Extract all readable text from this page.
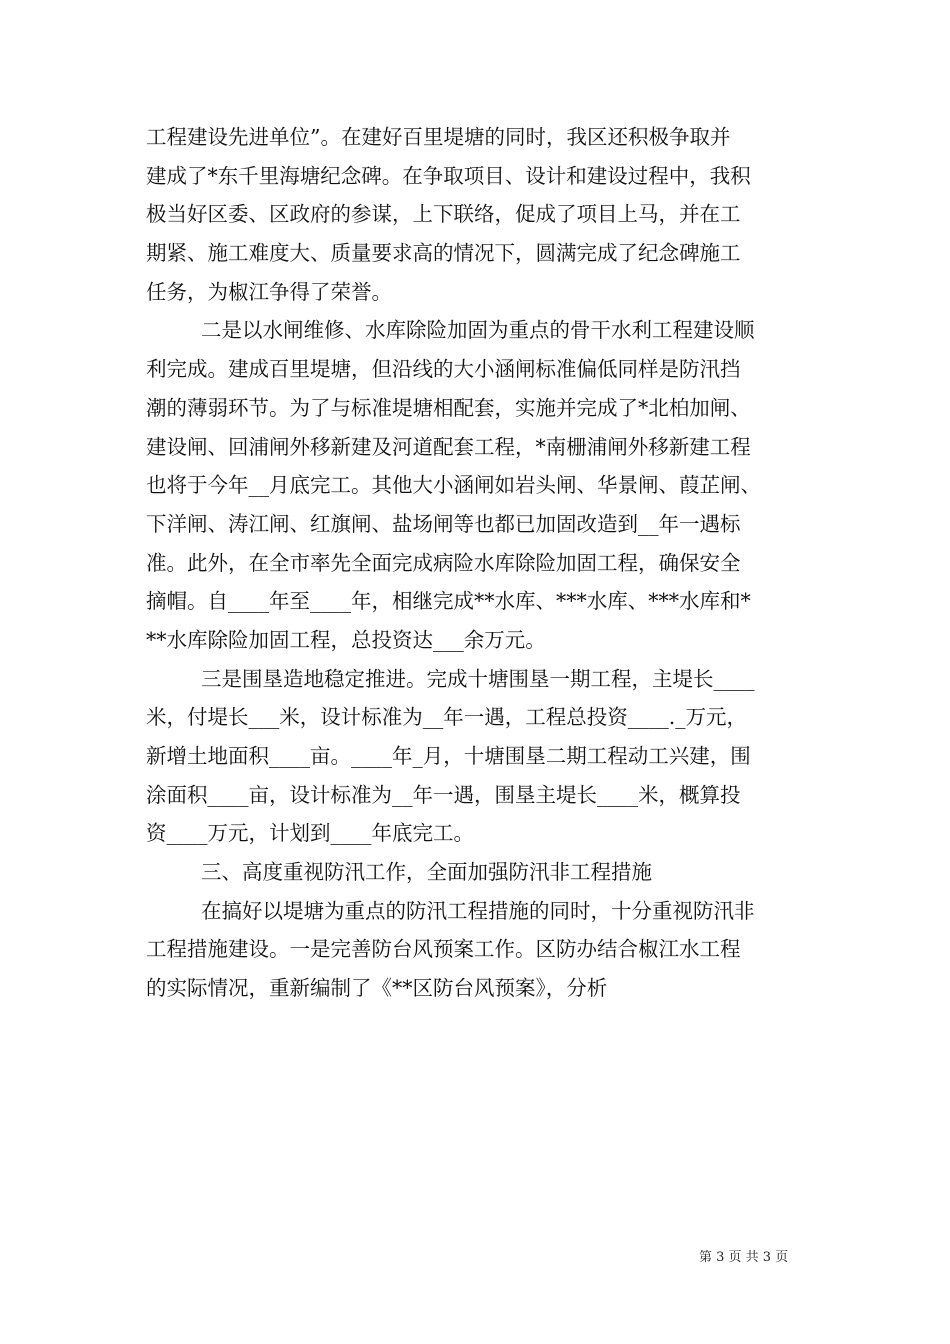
工程建设先进单位”。在建好百里堤塘的同时，我区还积极争取并
建成了*东千里海塘纪念碑。在争取项目、设计和建设过程中，我积
极当好区委、区政府的参谋，上下联络，促成了项目上马，并在工
期紧、施工难度大、质量要求高的情况下，圆满完成了纪念碑施工
任务，为椒江争得了荣誉。
二是以水闸维修、水库除险加固为重点的骨干水利工程建设顺
利完成。建成百里堤塘，但沿线的大小涵闸标准偏低同样是防汛挡
潮的薄弱环节。为了与标准堤塘相配套，实施并完成了*北柏加闸、
建设闸、回浦闸外移新建及河道配套工程，*南栅浦闸外移新建工程
也将于今年__月底完工。其他大小涵闸如岩头闸、华景闸、葭芷闸、
下洋闸、涛江闸、红旗闸、盐场闸等也都已加固改造到__年一遇标
准。此外，在全市率先全面完成病险水库除险加固工程，确保安全
摘帽。自____年至____年，相继完成**水库、***水库、***水库和*
**水库除险加固工程，总投资达___余万元。
三是围垦造地稳定推进。完成十塘围垦一期工程，主堤长____
米，付堤长___米，设计标准为__年一遇，工程总投资____._万元，
新增土地面积____亩。____年_月，十塘围垦二期工程动工兴建，围
涂面积____亩，设计标准为__年一遇，围垦主堤长____米，概算投
资____万元，计划到____年底完工。
三、高度重视防汛工作，全面加强防汛非工程措施
在搞好以堤塘为重点的防汛工程措施的同时，十分重视防汛非
工程措施建设。一是完善防台风预案工作。区防办结合椒江水工程
的实际情况，重新编制了《**区防台风预案》，分析
第 3 页 共 3 页
